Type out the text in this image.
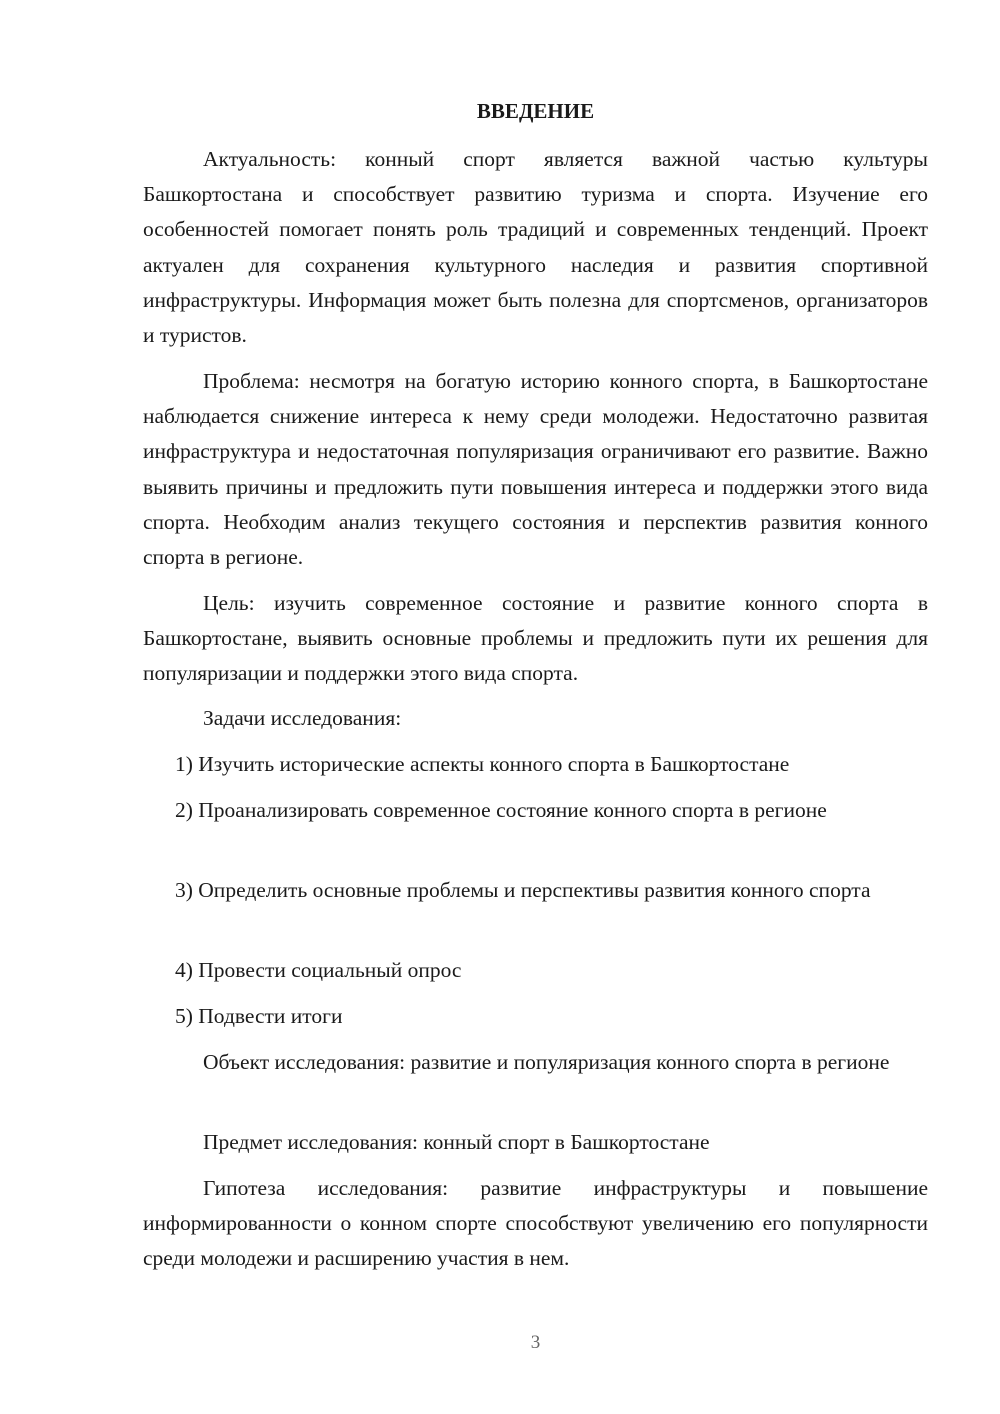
ВВЕДЕНИЕ

Актуальность: конный спорт является важной частью культуры Башкортостана и способствует развитию туризма и спорта. Изучение его особенностей помогает понять роль традиций и современных тенденций. Проект актуален для сохранения культурного наследия и развития спортивной инфраструктуры. Информация может быть полезна для спортсменов, организаторов и туристов.

Проблема: несмотря на богатую историю конного спорта, в Башкортостане наблюдается снижение интереса к нему среди молодежи. Недостаточно развитая инфраструктура и недостаточная популяризация ограничивают его развитие. Важно выявить причины и предложить пути повышения интереса и поддержки этого вида спорта. Необходим анализ текущего состояния и перспектив развития конного спорта в регионе.

Цель: изучить современное состояние и развитие конного спорта в Башкортостане, выявить основные проблемы и предложить пути их решения для популяризации и поддержки этого вида спорта.

Задачи исследования:

1) Изучить исторические аспекты конного спорта в Башкортостане

2) Проанализировать современное состояние конного спорта в регионе

3) Определить основные проблемы и перспективы развития конного спорта

4) Провести социальный опрос

5) Подвести итоги

Объект исследования: развитие и популяризация конного спорта в регионе

Предмет исследования: конный спорт в Башкортостане

Гипотеза исследования: развитие инфраструктуры и повышение информированности о конном спорте способствуют увеличению его популярности среди молодежи и расширению участия в нем.

3
